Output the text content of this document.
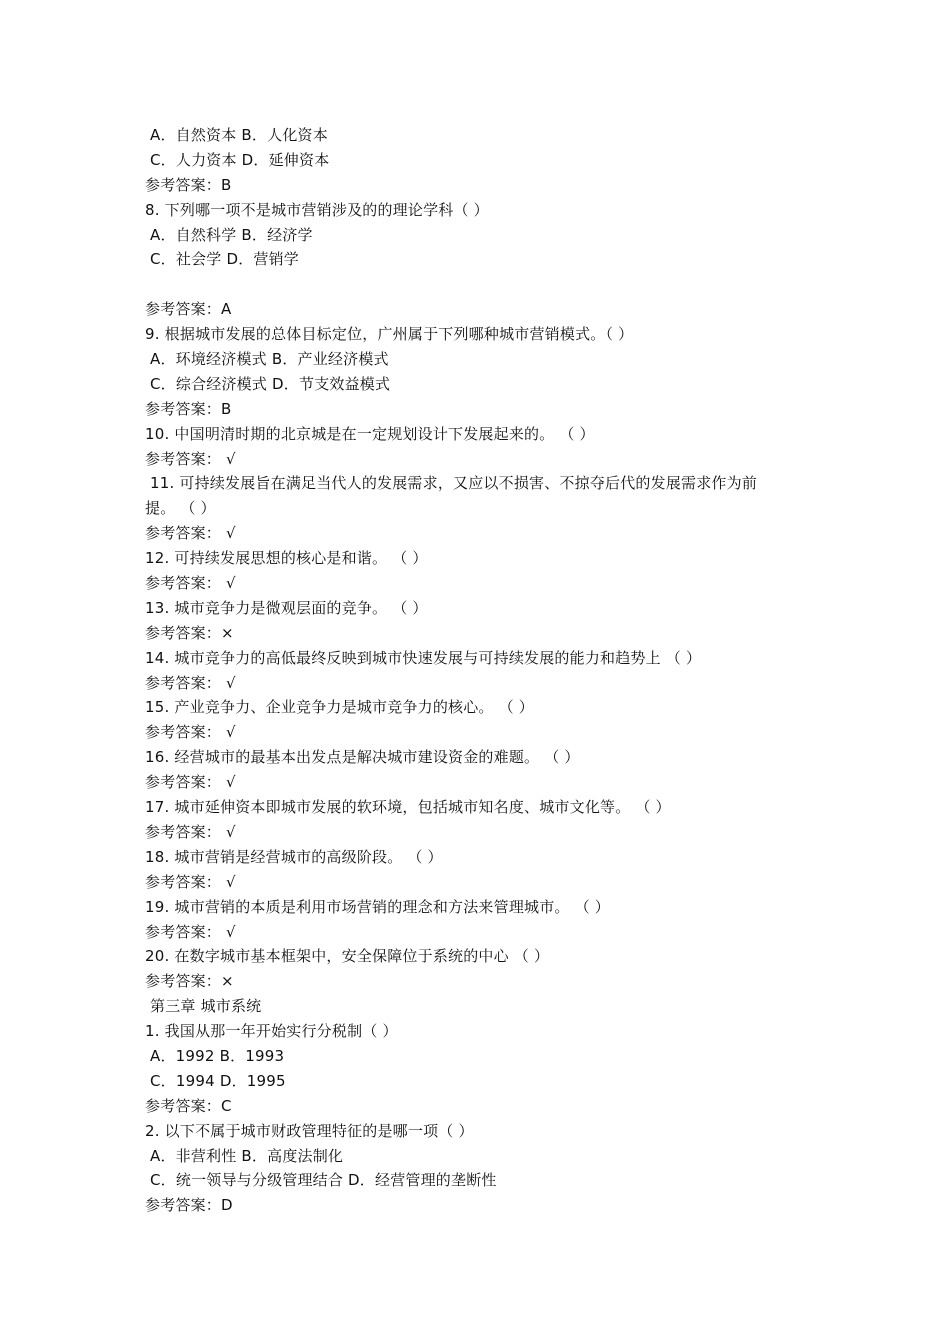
A．自然资本 B．人化资本
C．人力资本 D．延伸资本
参考答案：B
8. 下列哪一项不是城市营销涉及的的理论学科（ ）
A．自然科学 B．经济学
C．社会学 D．营销学
参考答案：A
9. 根据城市发展的总体目标定位，广州属于下列哪种城市营销模式。（ ）
A．环境经济模式 B．产业经济模式
C．综合经济模式 D．节支效益模式
参考答案：B
10. 中国明清时期的北京城是在一定规划设计下发展起来的。 （ ）
参考答案： √
11. 可持续发展旨在满足当代人的发展需求，又应以不损害、不掠夺后代的发展需求作为前
提。 （ ）
参考答案： √
12. 可持续发展思想的核心是和谐。 （ ）
参考答案： √
13. 城市竞争力是微观层面的竞争。 （ ）
参考答案：×
14. 城市竞争力的高低最终反映到城市快速发展与可持续发展的能力和趋势上 （ ）
参考答案： √
15. 产业竞争力、企业竞争力是城市竞争力的核心。 （ ）
参考答案： √
16. 经营城市的最基本出发点是解决城市建设资金的难题。 （ ）
参考答案： √
17. 城市延伸资本即城市发展的软环境，包括城市知名度、城市文化等。 （ ）
参考答案： √
18. 城市营销是经营城市的高级阶段。 （ ）
参考答案： √
19. 城市营销的本质是利用市场营销的理念和方法来管理城市。 （ ）
参考答案： √
20. 在数字城市基本框架中，安全保障位于系统的中心 （ ）
参考答案：×
第三章 城市系统
1. 我国从那一年开始实行分税制（ ）
A．1992 B．1993
C．1994 D．1995
参考答案：C
2. 以下不属于城市财政管理特征的是哪一项（ ）
A．非营利性 B．高度法制化
C．统一领导与分级管理结合 D．经营管理的垄断性
参考答案：D
